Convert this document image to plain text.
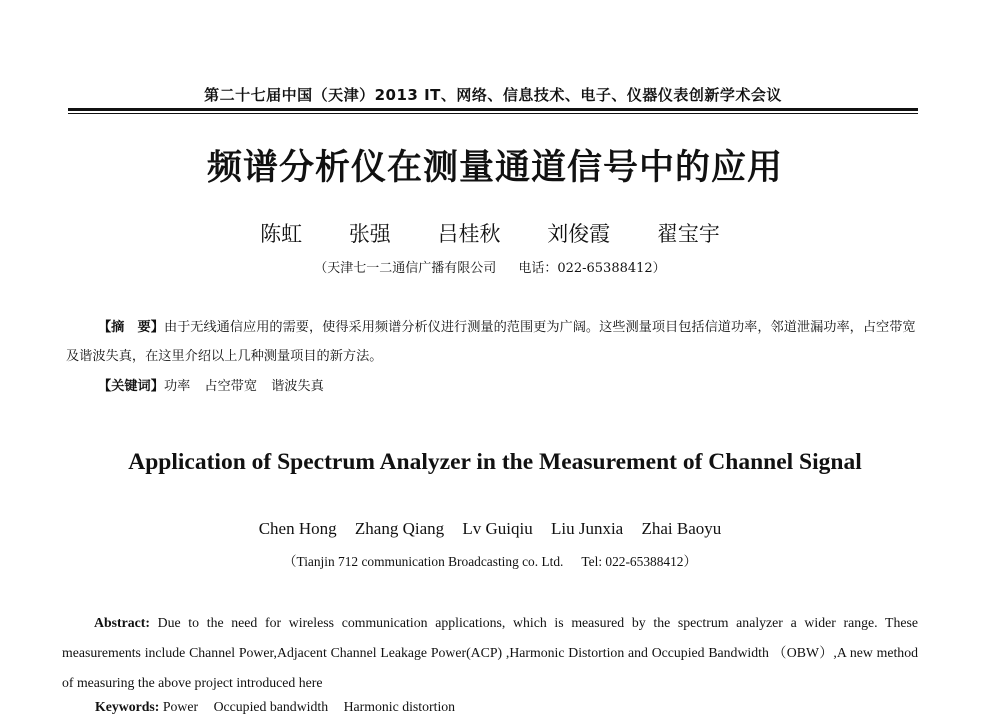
第二十七届中国（天津）2013 IT、网络、信息技术、电子、仪器仪表创新学术会议
频谱分析仪在测量通道信号中的应用
陈虹 张强 吕桂秋 刘俊霞 翟宝宇
（天津七一二通信广播有限公司 电话：022-65388412）
【摘　要】由于无线通信应用的需要，使得采用频谱分析仪进行测量的范围更为广阔。这些测量项目包括信道功率，邻道泄漏功率，占空带宽及谐波失真，在这里介绍以上几种测量项目的新方法。
【关键词】功率 占空带宽 谐波失真
Application of Spectrum Analyzer in the Measurement of Channel Signal
Chen Hong Zhang Qiang Lv Guiqiu Liu Junxia Zhai Baoyu
（Tianjin 712 communication Broadcasting co. Ltd. Tel: 022-65388412）
Abstract: Due to the need for wireless communication applications, which is measured by the spectrum analyzer a wider range. These measurements include Channel Power,Adjacent Channel Leakage Power(ACP) ,Harmonic Distortion and Occupied Bandwidth （OBW）,A new method of measuring the above project introduced here
Keywords: Power Occupied bandwidth Harmonic distortion
